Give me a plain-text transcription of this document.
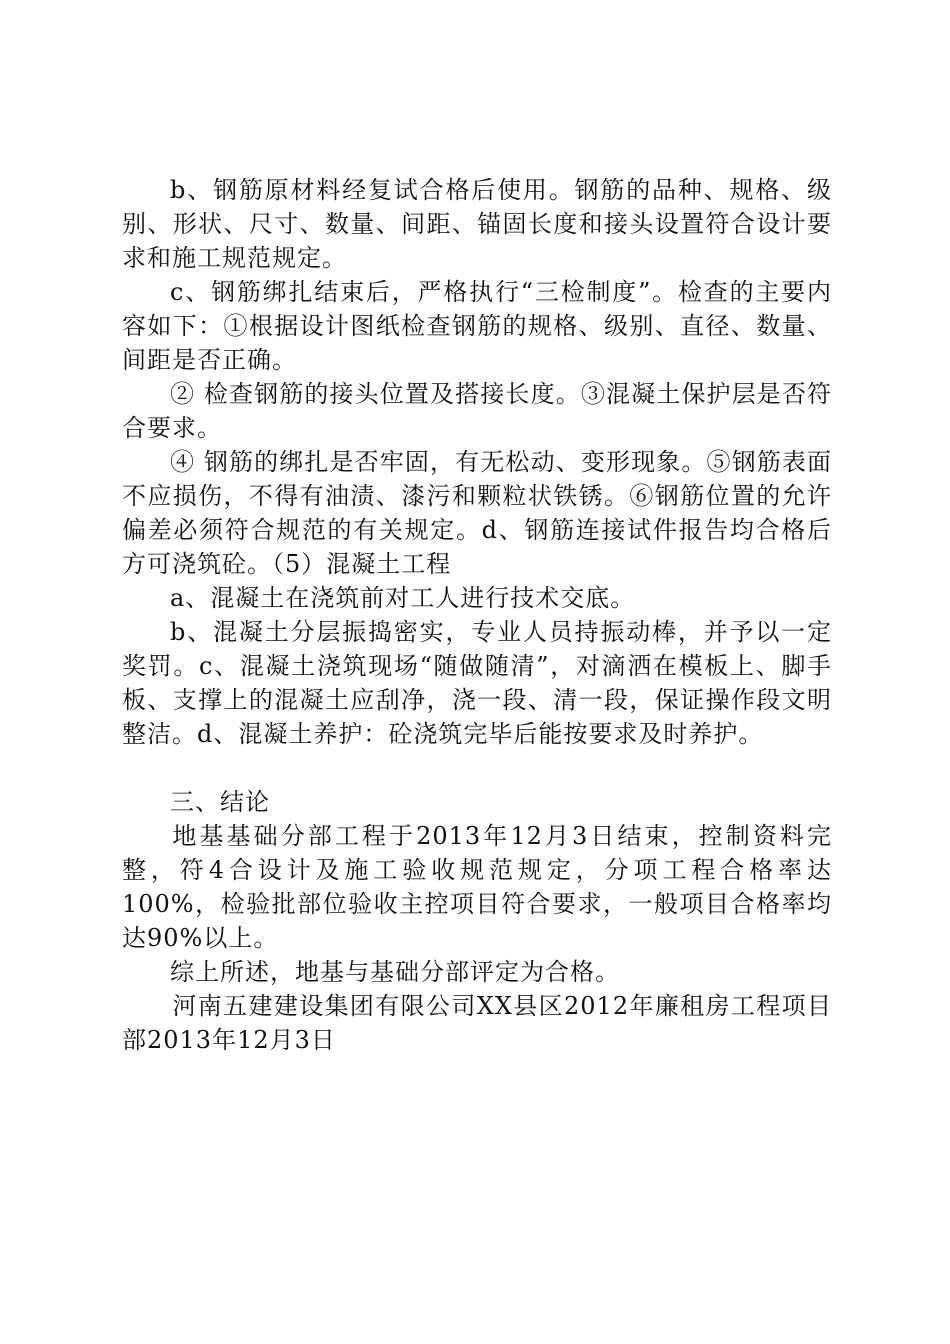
b、钢筋原材料经复试合格后使用。钢筋的品种、规格、级别、形状、尺寸、数量、间距、锚固长度和接头设置符合设计要求和施工规范规定。

c、钢筋绑扎结束后，严格执行“三检制度”。检查的主要内容如下：①根据设计图纸检查钢筋的规格、级别、直径、数量、间距是否正确。

② 检查钢筋的接头位置及搭接长度。③混凝土保护层是否符合要求。

④ 钢筋的绑扎是否牢固，有无松动、变形现象。⑤钢筋表面不应损伤，不得有油渍、漆污和颗粒状铁锈。⑥钢筋位置的允许偏差必须符合规范的有关规定。d、钢筋连接试件报告均合格后方可浇筑砼。（5）混凝土工程

a、混凝土在浇筑前对工人进行技术交底。

b、混凝土分层振捣密实，专业人员持振动棒，并予以一定奖罚。c、混凝土浇筑现场“随做随清”，对滴洒在模板上、脚手板、支撑上的混凝土应刮净，浇一段、清一段，保证操作段文明整洁。d、混凝土养护：砼浇筑完毕后能按要求及时养护。

三、结论

地基基础分部工程于2013年12月3日结束，控制资料完整，符4合设计及施工验收规范规定，分项工程合格率达100%，检验批部位验收主控项目符合要求，一般项目合格率均达90%以上。

综上所述，地基与基础分部评定为合格。

河南五建建设集团有限公司XX县区2012年廉租房工程项目部2013年12月3日
